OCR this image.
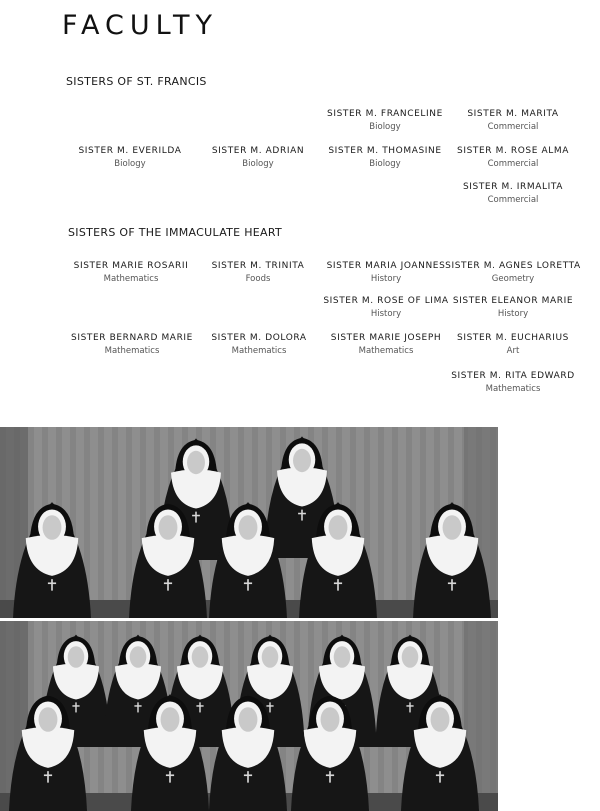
FACULTY
SISTERS OF ST. FRANCIS
SISTER M. FRANCELINE
Biology
SISTER M. MARITA
Commercial
SISTER M. EVERILDA
Biology
SISTER M. ADRIAN
Biology
SISTER M. THOMASINE
Biology
SISTER M. ROSE ALMA
Commercial
SISTER M. IRMALITA
Commercial
SISTERS OF THE IMMACULATE HEART
SISTER MARIE ROSARII
Mathematics
SISTER M. TRINITA
Foods
SISTER MARIA JOANNES
History
SISTER M. AGNES LORETTA
Geometry
SISTER M. ROSE OF LIMA
History
SISTER ELEANOR MARIE
History
SISTER BERNARD MARIE
Mathematics
SISTER M. DOLORA
Mathematics
SISTER MARIE JOSEPH
Mathematics
SISTER M. EUCHARIUS
Art
SISTER M. RITA EDWARD
Mathematics
